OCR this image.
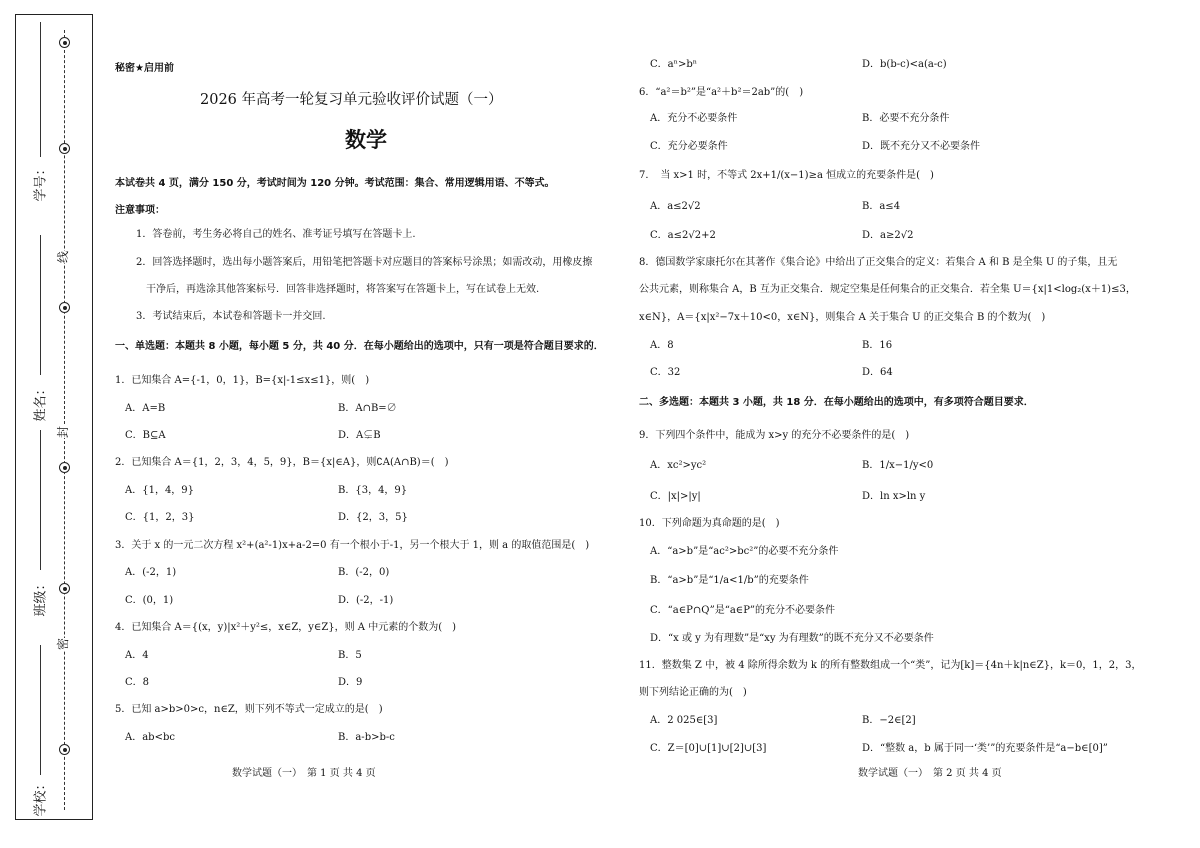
学号：
姓名：
班级：
学校：
线
封
密
秘密★启用前
2026 年高考一轮复习单元验收评价试题（一）
数学
本试卷共 4 页，满分 150 分，考试时间为 120 分钟。考试范围：集合、常用逻辑用语、不等式。
注意事项：
1．答卷前，考生务必将自己的姓名、准考证号填写在答题卡上.
2．回答选择题时，选出每小题答案后，用铅笔把答题卡对应题目的答案标号涂黑；如需改动，用橡皮擦
干净后，再选涂其他答案标号．回答非选择题时，将答案写在答题卡上，写在试卷上无效.
3．考试结束后，本试卷和答题卡一并交回.
一、单选题：本题共 8 小题，每小题 5 分，共 40 分．在每小题给出的选项中，只有一项是符合题目要求的．
1．已知集合 A={-1，0，1}，B={x|-1≤x≤1}，则(　)
A．A=B	B．A∩B=∅
C．B⊆A	D．A⊊B
2．已知集合 A＝{1，2，3，4，5，9}，B＝{x|∈A}，则∁A(A∩B)＝(　)
A．{1，4，9}	B．{3，4，9}
C．{1，2，3}	D．{2，3，5}
3．关于 x 的一元二次方程 x²+(a²-1)x+a-2=0 有一个根小于-1，另一个根大于 1，则 a 的取值范围是(　)
A．(-2，1)	B．(-2，0)
C．(0，1)	D．(-2，-1)
4．已知集合 A＝{(x，y)|x²＋y²≤，x∈Z，y∈Z}，则 A 中元素的个数为(　)
A．4	B．5
C．8	D．9
5．已知 a>b>0>c，n∈Z，则下列不等式一定成立的是(　)
A．ab<bc	B．a-b>b-c
数学试题（一）　第 1 页 共 4 页
C．aⁿ>bⁿ	D．b(b-c)<a(a-c)
6．“a²＝b²”是“a²＋b²＝2ab”的(　)
A．充分不必要条件	B．必要不充分条件
C．充分必要条件	D．既不充分又不必要条件
7．　当 x>1 时，不等式 2x+1/(x−1)≥a 恒成立的充要条件是(　)
A．a≤2√2	B．a≤4
C．a≤2√2+2	D．a≥2√2
8．德国数学家康托尔在其著作《集合论》中给出了正交集合的定义：若集合 A 和 B 是全集 U 的子集，且无
公共元素，则称集合 A，B 互为正交集合．规定空集是任何集合的正交集合．若全集 U＝{x|1<log₂(x＋1)≤3，
x∈N}，A＝{x|x²−7x＋10<0，x∈N}，则集合 A 关于集合 U 的正交集合 B 的个数为(　)
A．8	B．16
C．32	D．64
二、多选题：本题共 3 小题，共 18 分．在每小题给出的选项中，有多项符合题目要求．
9．下列四个条件中，能成为 x>y 的充分不必要条件的是(　)
A．xc²>yc²	B．1/x−1/y<0
C．|x|>|y|	D．ln x>ln y
10．下列命题为真命题的是(　)
A．“a>b”是“ac²>bc²”的必要不充分条件
B．“a>b”是“1/a<1/b”的充要条件
C．“a∈P∩Q”是“a∈P”的充分不必要条件
D．“x 或 y 为有理数”是“xy 为有理数”的既不充分又不必要条件
11．整数集 Z 中，被 4 除所得余数为 k 的所有整数组成一个“类”，记为[k]＝{4n＋k|n∈Z}，k＝0，1，2，3，
则下列结论正确的为(　)
A．2 025∈[3]	B．−2∈[2]
C．Z＝[0]∪[1]∪[2]∪[3]	D．“整数 a，b 属于同一‘类’”的充要条件是“a−b∈[0]”
数学试题（一）　第 2 页 共 4 页
